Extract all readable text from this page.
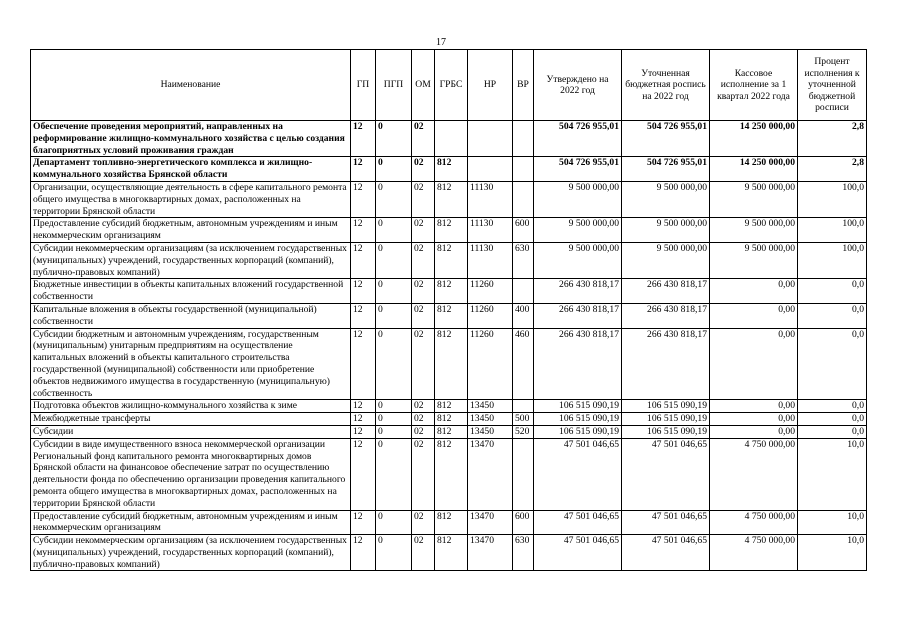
17
Наименование	ГП	ПГП	ОМ	ГРБС	НР	ВР	Утверждено на 2022 год	Уточненная бюджетная роспись на 2022 год	Кассовое исполнение за 1 квартал 2022 года	Процент исполнения к уточненной бюджетной росписи
Обеспечение проведения мероприятий, направленных на реформирование жилищно-коммунального хозяйства с целью создания благоприятных условий проживания граждан	12	0	02				504 726 955,01	504 726 955,01	14 250 000,00	2,8
Департамент топливно-энергетического комплекса и жилищно-коммунального хозяйства Брянской области	12	0	02	812			504 726 955,01	504 726 955,01	14 250 000,00	2,8
Организации, осуществляющие деятельность в сфере капитального ремонта общего имущества в многоквартирных домах, расположенных на территории Брянской области	12	0	02	812	11130		9 500 000,00	9 500 000,00	9 500 000,00	100,0
Предоставление субсидий бюджетным, автономным учреждениям и иным некоммерческим организациям	12	0	02	812	11130	600	9 500 000,00	9 500 000,00	9 500 000,00	100,0
Субсидии некоммерческим организациям (за исключением государственных (муниципальных) учреждений, государственных корпораций (компаний), публично-правовых компаний)	12	0	02	812	11130	630	9 500 000,00	9 500 000,00	9 500 000,00	100,0
Бюджетные инвестиции в объекты капитальных вложений государственной собственности	12	0	02	812	11260		266 430 818,17	266 430 818,17	0,00	0,0
Капитальные вложения в объекты государственной (муниципальной) собственности	12	0	02	812	11260	400	266 430 818,17	266 430 818,17	0,00	0,0
Субсидии бюджетным и автономным учреждениям, государственным (муниципальным) унитарным предприятиям на осуществление капитальных вложений в объекты капитального строительства государственной (муниципальной) собственности или приобретение объектов недвижимого имущества в государственную (муниципальную) собственность	12	0	02	812	11260	460	266 430 818,17	266 430 818,17	0,00	0,0
Подготовка объектов жилищно-коммунального хозяйства к зиме	12	0	02	812	13450		106 515 090,19	106 515 090,19	0,00	0,0
Межбюджетные трансферты	12	0	02	812	13450	500	106 515 090,19	106 515 090,19	0,00	0,0
Субсидии	12	0	02	812	13450	520	106 515 090,19	106 515 090,19	0,00	0,0
Субсидии в виде имущественного взноса некоммерческой организации Региональный фонд капитального ремонта многоквартирных домов Брянской области на финансовое обеспечение затрат по осуществлению деятельности фонда по обеспечению организации проведения капитального ремонта общего имущества в многоквартирных домах, расположенных на территории Брянской области	12	0	02	812	13470		47 501 046,65	47 501 046,65	4 750 000,00	10,0
Предоставление субсидий бюджетным, автономным учреждениям и иным некоммерческим организациям	12	0	02	812	13470	600	47 501 046,65	47 501 046,65	4 750 000,00	10,0
Субсидии некоммерческим организациям (за исключением государственных (муниципальных) учреждений, государственных корпораций (компаний), публично-правовых компаний)	12	0	02	812	13470	630	47 501 046,65	47 501 046,65	4 750 000,00	10,0
